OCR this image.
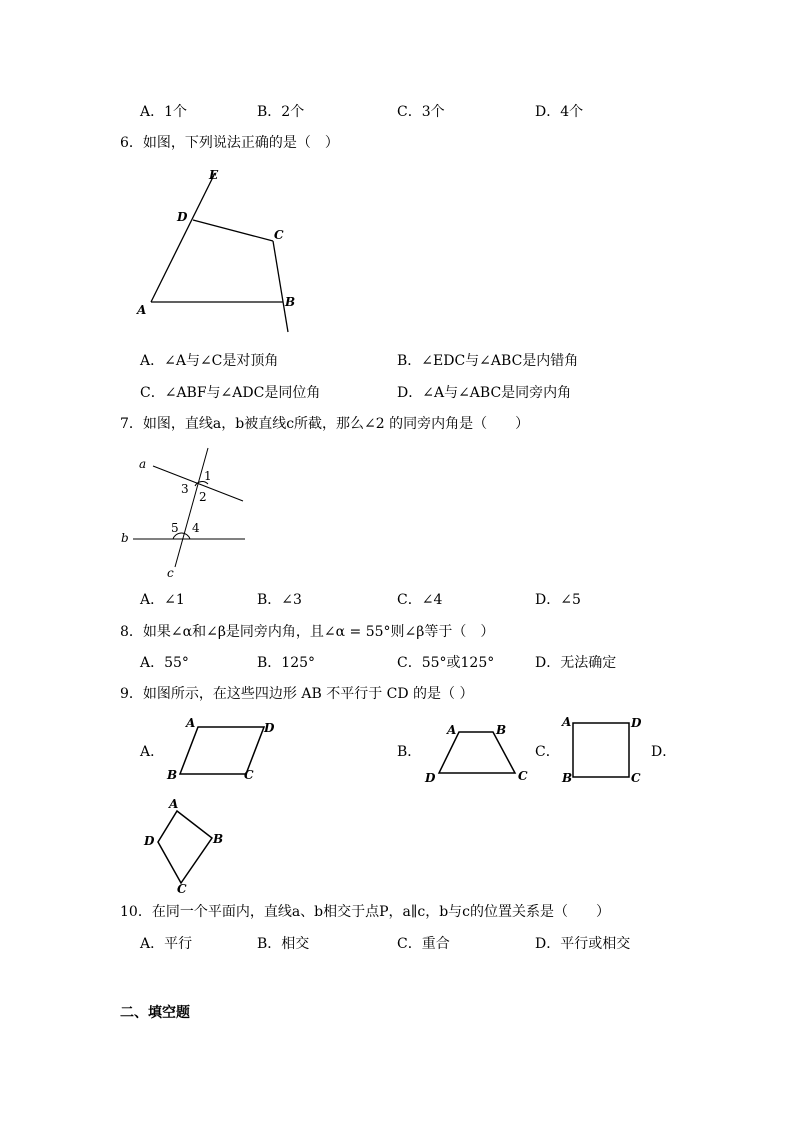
A．1个	B．2个	C．3个	D．4个
6．如图，下列说法正确的是（　）
E
D
C
A
B
A．∠A与∠C是对顶角	B．∠EDC与∠ABC是内错角
C．∠ABF与∠ADC是同位角	D．∠A与∠ABC是同旁内角
7．如图，直线a，b被直线c所截，那么∠2 的同旁内角是（　　）
1
3
2
5 4
a
b
c
A．∠1	B．∠3	C．∠4	D．∠5
8．如果∠α和∠β是同旁内角，且∠α = 55°则∠β等于（　）
A．55°	B．125°	C．55°或125°	D．无法确定
9．如图所示，在这些四边形 AB 不平行于 CD 的是（ ）
A．	B．	C．	D．
A	D
B	C
A	B
D	C
A	D
B	C
A
D	B
C
10．在同一个平面内，直线a、b相交于点P，a∥c，b与c的位置关系是（　　）
A．平行	B．相交	C．重合	D．平行或相交
二、填空题
